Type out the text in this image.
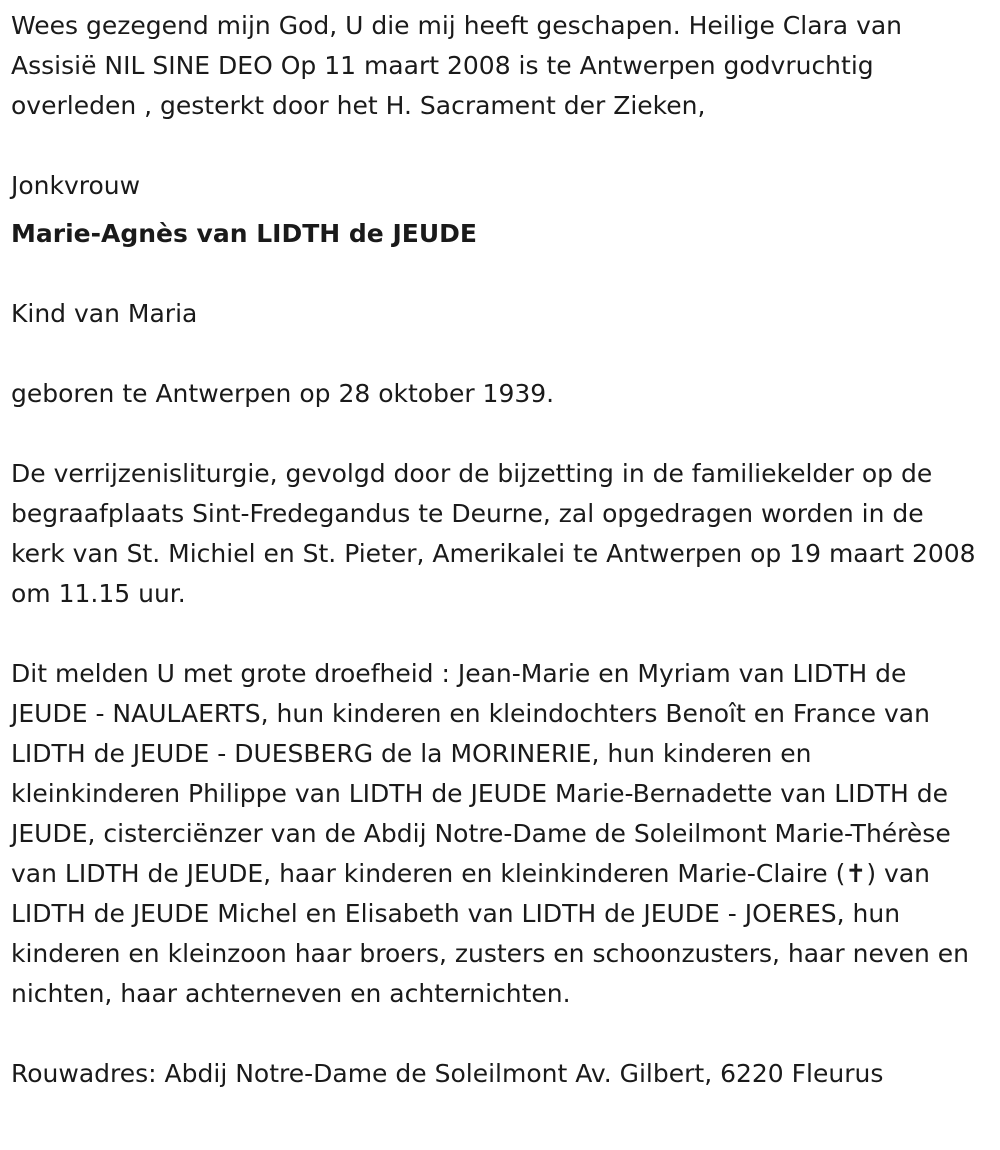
Wees gezegend mijn God, U die mij heeft geschapen. Heilige Clara van Assisië NIL SINE DEO Op 11 maart 2008 is te Antwerpen godvruchtig overleden , gesterkt door het H. Sacrament der Zieken,

Jonkvrouw

Marie-Agnès van LIDTH de JEUDE

Kind van Maria

geboren te Antwerpen op 28 oktober 1939.

De verrijzenisliturgie, gevolgd door de bijzetting in de familiekelder op de begraafplaats Sint-Fredegandus te Deurne, zal opgedragen worden in de kerk van St. Michiel en St. Pieter, Amerikalei te Antwerpen op 19 maart 2008 om 11.15 uur.

Dit melden U met grote droefheid : Jean-Marie en Myriam van LIDTH de JEUDE - NAULAERTS, hun kinderen en kleindochters Benoît en France van LIDTH de JEUDE - DUESBERG de la MORINERIE, hun kinderen en kleinkinderen Philippe van LIDTH de JEUDE Marie-Bernadette van LIDTH de JEUDE, cisterciënzer van de Abdij Notre-Dame de Soleilmont Marie-Thérèse van LIDTH de JEUDE, haar kinderen en kleinkinderen Marie-Claire (✝) van LIDTH de JEUDE Michel en Elisabeth van LIDTH de JEUDE - JOERES, hun kinderen en kleinzoon haar broers, zusters en schoonzusters, haar neven en nichten, haar achterneven en achternichten.

Rouwadres: Abdij Notre-Dame de Soleilmont Av. Gilbert, 6220 Fleurus
